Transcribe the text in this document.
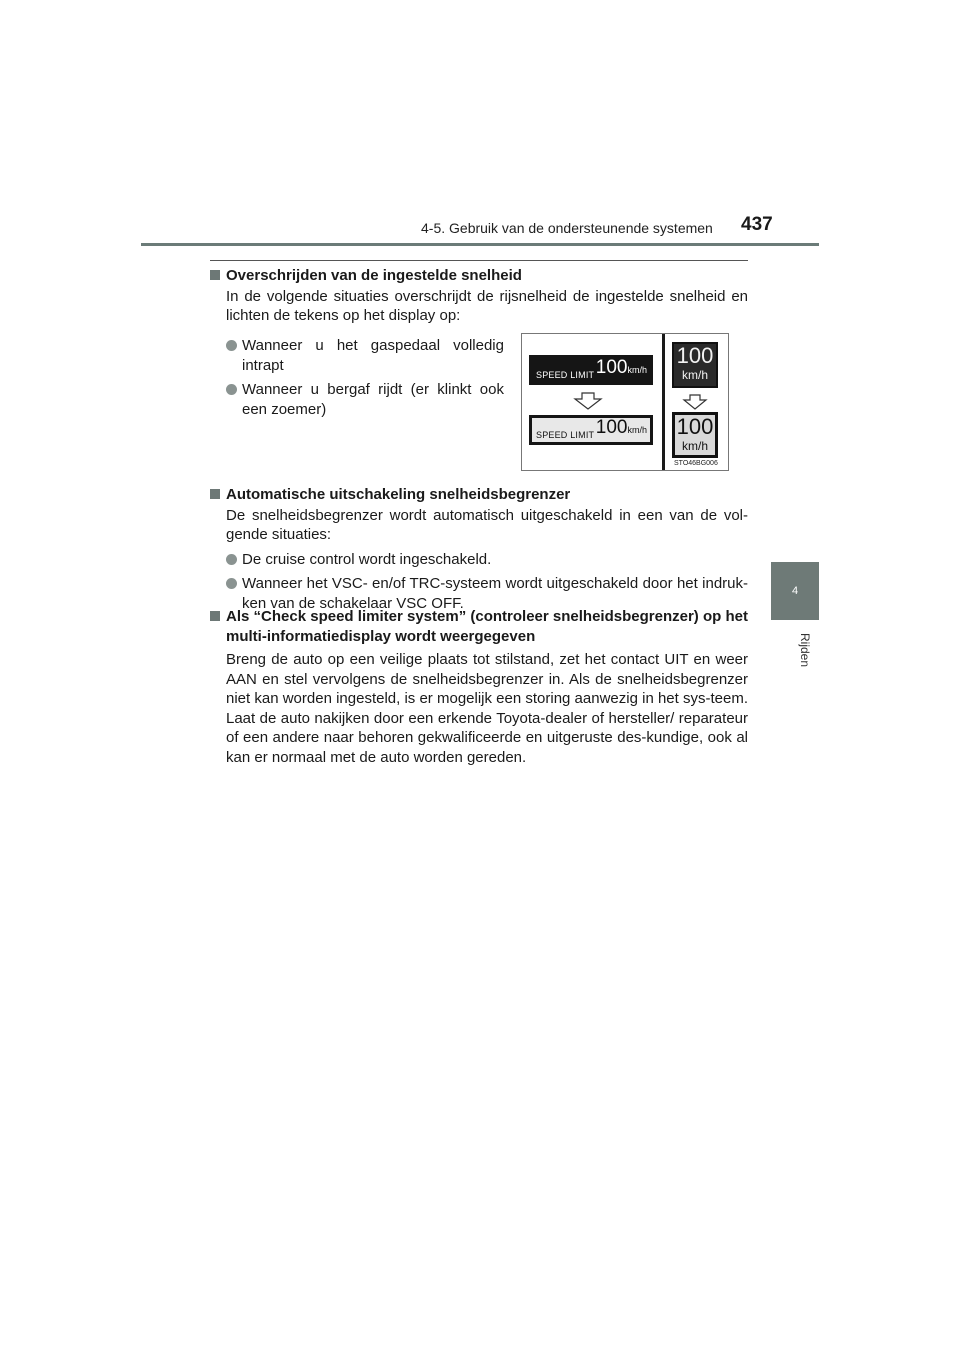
4-5. Gebruik van de ondersteunende systemen 437
4
Rijden
Overschrijden van de ingestelde snelheid
In de volgende situaties overschrijdt de rijsnelheid de ingestelde snelheid en lichten de tekens op het display op:
Wanneer u het gaspedaal volledig intrapt
Wanneer u bergaf rijdt (er klinkt ook een zoemer)
SPEED LIMIT 100km/h
SPEED LIMIT 100km/h
100
km/h
100
km/h
STO46BG006
Automatische uitschakeling snelheidsbegrenzer
De snelheidsbegrenzer wordt automatisch uitgeschakeld in een van de vol-gende situaties:
De cruise control wordt ingeschakeld.
Wanneer het VSC- en/of TRC-systeem wordt uitgeschakeld door het indruk-ken van de schakelaar VSC OFF.
Als “Check speed limiter system” (controleer snelheidsbegrenzer) op het multi-informatiedisplay wordt weergegeven
Breng de auto op een veilige plaats tot stilstand, zet het contact UIT en weer AAN en stel vervolgens de snelheidsbegrenzer in. Als de snelheidsbegrenzer niet kan worden ingesteld, is er mogelijk een storing aanwezig in het sys-teem. Laat de auto nakijken door een erkende Toyota-dealer of hersteller/ reparateur of een andere naar behoren gekwalificeerde en uitgeruste des-kundige, ook al kan er normaal met de auto worden gereden.
